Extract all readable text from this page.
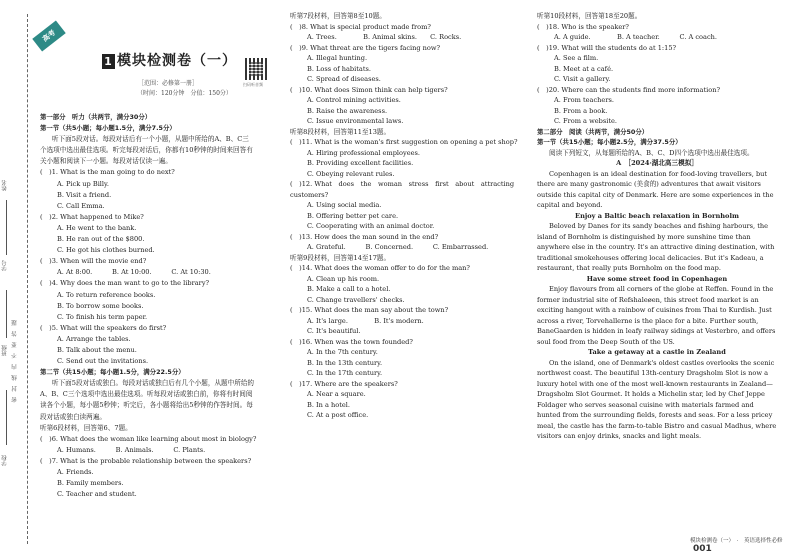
密　封　线　内　不　要　答　题
学校
班级
学号
姓名
高考
1 模块检测卷（一）
扫码听音频
［范围：必修第一册］
（时间：120分钟　分值：150分）

第一部分　听力（共两节，满分30分）

第一节（共5小题；每小题1.5分，满分7.5分）

听下面5段对话。每段对话后有一个小题，从题中所给的A、B、C三个选项中选出最佳选项。听完每段对话后，你都有10秒钟的时间来回答有关小题和阅读下一小题。每段对话仅读一遍。

(　)1. What is the man going to do next?

A. Pick up Billy.

B. Visit a friend.

C. Call Emma.

(　)2. What happened to Mike?

A. He went to the bank.

B. He ran out of the $800.

C. He got his clothes burned.

(　)3. When will the movie end?

A. At 8:00.　　　B. At 10:00.　　　C. At 10:30.

(　)4. Why does the man want to go to the library?

A. To return reference books.

B. To borrow some books.

C. To finish his term paper.

(　)5. What will the speakers do first?

A. Arrange the tables.

B. Talk about the menu.

C. Send out the invitations.

第二节（共15小题；每小题1.5分，满分22.5分）

听下面5段对话或独白。每段对话或独白后有几个小题，从题中所给的A、B、C三个选项中选出最佳选项。听每段对话或独白前，你将有时间阅读各个小题，每小题5秒钟；听完后，各小题将给出5秒钟的作答时间。每段对话或独白读两遍。

听第6段材料，回答第6、7题。

(　)6. What does the woman like learning about most in biology?

A. Humans.　　　B. Animals.　　　C. Plants.

(　)7. What is the probable relationship between the speakers?

A. Friends.

B. Family members.

C. Teacher and student.

听第7段材料，回答第8至10题。

(　)8. What is special product made from?

A. Trees.　　　　B. Animal skins.　　C. Rocks.

(　)9. What threat are the tigers facing now?

A. Illegal hunting.

B. Loss of habitats.

C. Spread of diseases.

(　)10. What does Simon think can help tigers?

A. Control mining activities.

B. Raise the awareness.

C. Issue environmental laws.

听第8段材料，回答第11至13题。

(　)11. What is the woman's first suggestion on opening a pet shop?

A. Hiring professional employees.

B. Providing excellent facilities.

C. Obeying relevant rules.

(　)12. What　does　the　woman　stress　first　about　attracting

customers?

A. Using social media.

B. Offering better pet care.

C. Cooperating with an animal doctor.

(　)13. How does the man sound in the end?

A. Grateful.　　　B. Concerned.　　　C. Embarrassed.

听第9段材料，回答第14至17题。

(　)14. What does the woman offer to do for the man?

A. Clean up his room.

B. Make a call to a hotel.

C. Change travellers' checks.

(　)15. What does the man say about the town?

A. It's large.　　　　B. It's modern.

C. It's beautiful.

(　)16. When was the town founded?

A. In the 7th century.

B. In the 13th century.

C. In the 17th century.

(　)17. Where are the speakers?

A. Near a square.

B. In a hotel.

C. At a post office.

听第10段材料，回答第18至20题。

(　)18. Who is the speaker?

A. A guide.　　　　B. A teacher.　　　C. A coach.

(　)19. What will the students do at 1:15?

A. See a film.

B. Meet at a café.

C. Visit a gallery.

(　)20. Where can the students find more information?

A. From teachers.

B. From a book.

C. From a website.

第二部分　阅读（共两节，满分50分）

第一节（共15小题；每小题2.5分，满分37.5分）

阅读下列短文，从每题所给的A、B、C、D四个选项中选出最佳选项。

A　［2024·湖北高三模拟］

Copenhagen is an ideal destination for food-loving travellers, but there are many gastronomic (美食的) adventures that await visitors outside this capital city of Denmark. Here are some experiences in the capital and beyond.

Enjoy a Baltic beach relaxation in Bornholm

Beloved by Danes for its sandy beaches and fishing harbours, the island of Bornholm is distinguished by more sunshine time than anywhere else in the country. It's an attractive dining destination, with traditional smokehouses offering local delicacies. But it's Kadeau, a restaurant, that really puts Bornholm on the food map.

Have some street food in Copenhagen

Enjoy flavours from all corners of the globe at Reffen. Found in the former industrial site of Refshaleøen, this street food market is an exciting hangout with a rainbow of cuisines from Thai to Kurdish. Just across a river, Torvehallerne is the place for a bite. Further south, BaneGaarden is hidden in leafy railway sidings at Vesterbro, and offers soul food from the Deep South of the US.

Take a getaway at a castle in Zealand

On the island, one of Denmark's oldest castles overlooks the scenic northwest coast. The beautiful 13th-century Dragsholm Slot is now a luxury hotel with one of the most well-known restaurants in Zealand—Dragsholm Slot Gourmet. It holds a Michelin star, led by Chef Jeppe Foldager who serves seasonal cuisine with materials farmed and hunted from the surrounding fields, forests and seas. For a less pricey meal, the castle has the farm-to-table Bistro and casual Madhus, where visitors can enjoy drinks, snacks and light meals.

模块检测卷（一）　·　英语选择性必修001
